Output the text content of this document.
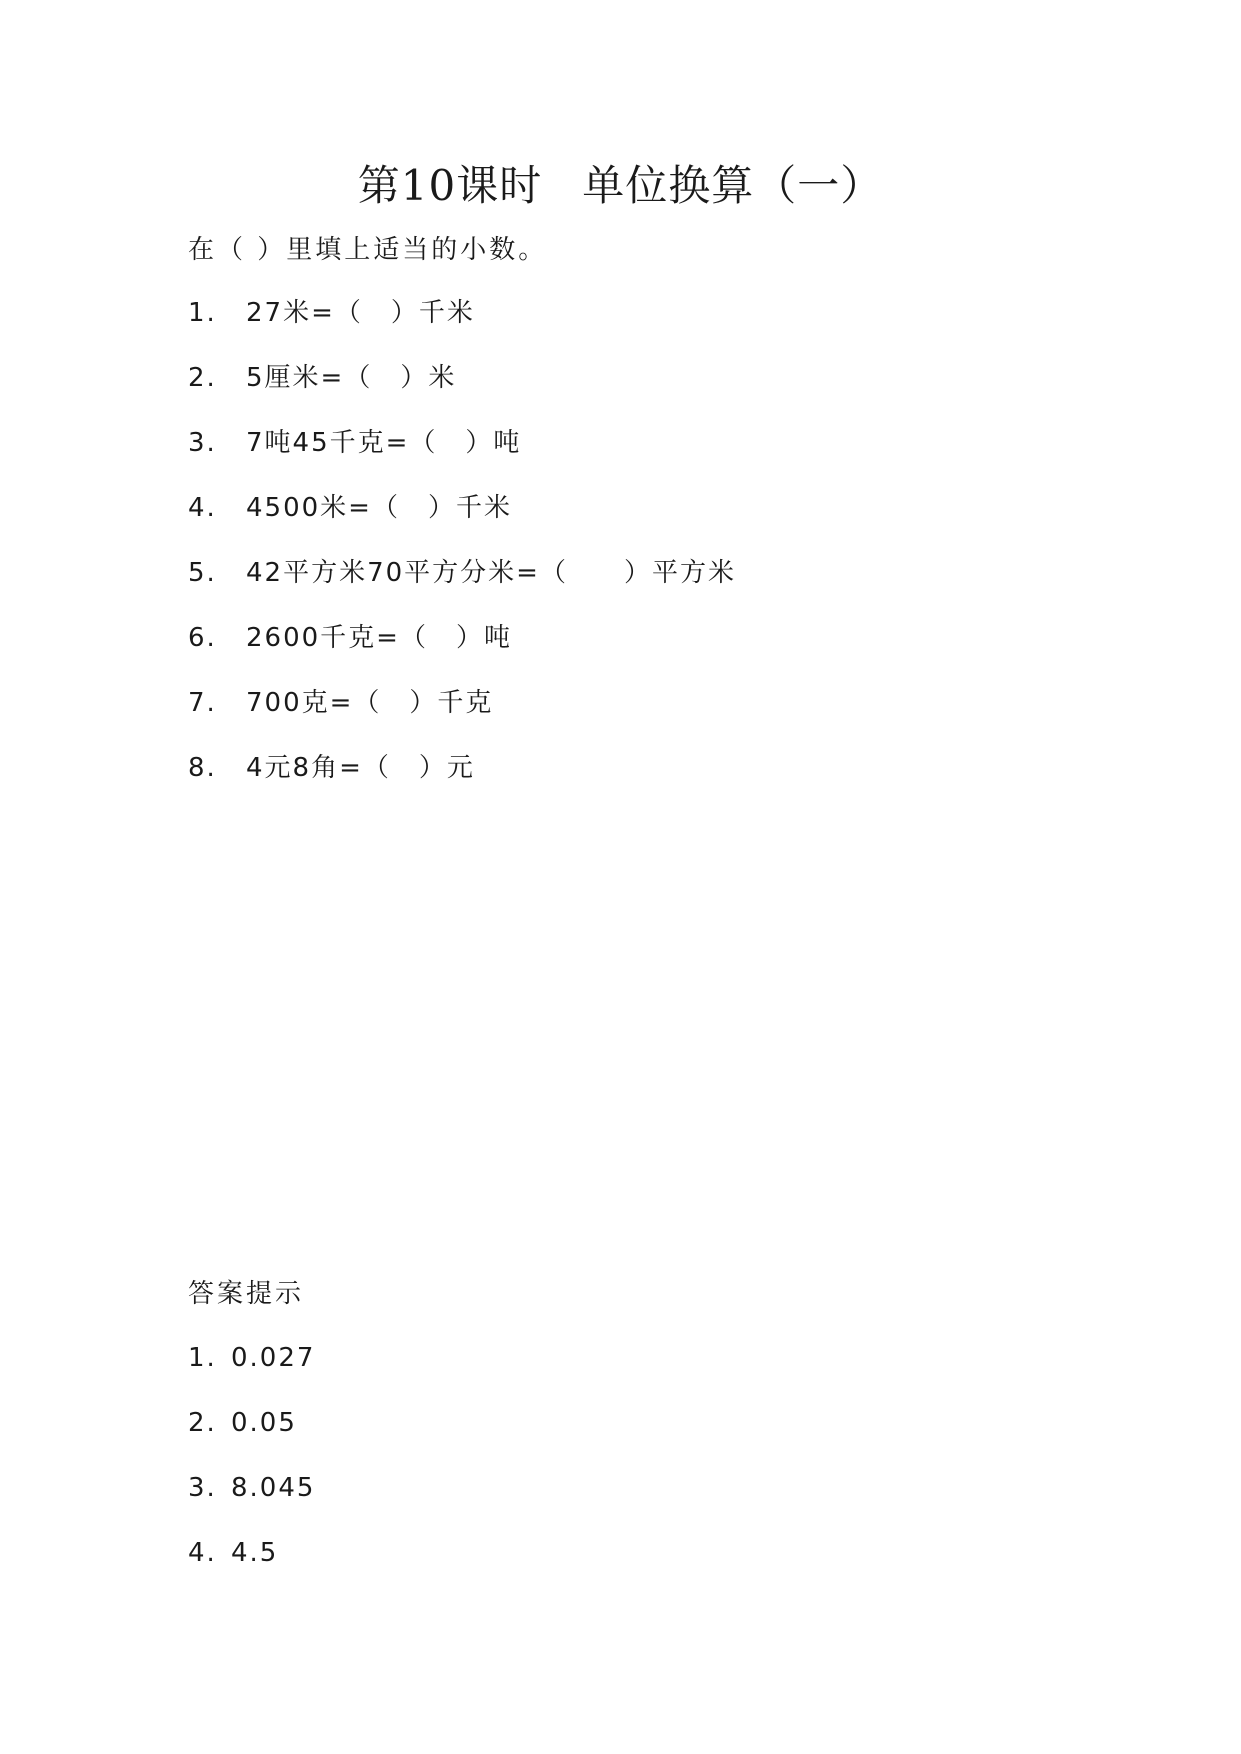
第10课时 单位换算（一）
在（ ）里填上适当的小数。
1. 27米=（　）千米
2. 5厘米=（　）米
3. 7吨45千克=（　）吨
4. 4500米=（　）千米
5. 42平方米70平方分米=（　　）平方米
6. 2600千克=（　）吨
7. 700克=（　）千克
8. 4元8角=（　）元
答案提示
1. 0.027
2. 0.05
3. 8.045
4. 4.5
